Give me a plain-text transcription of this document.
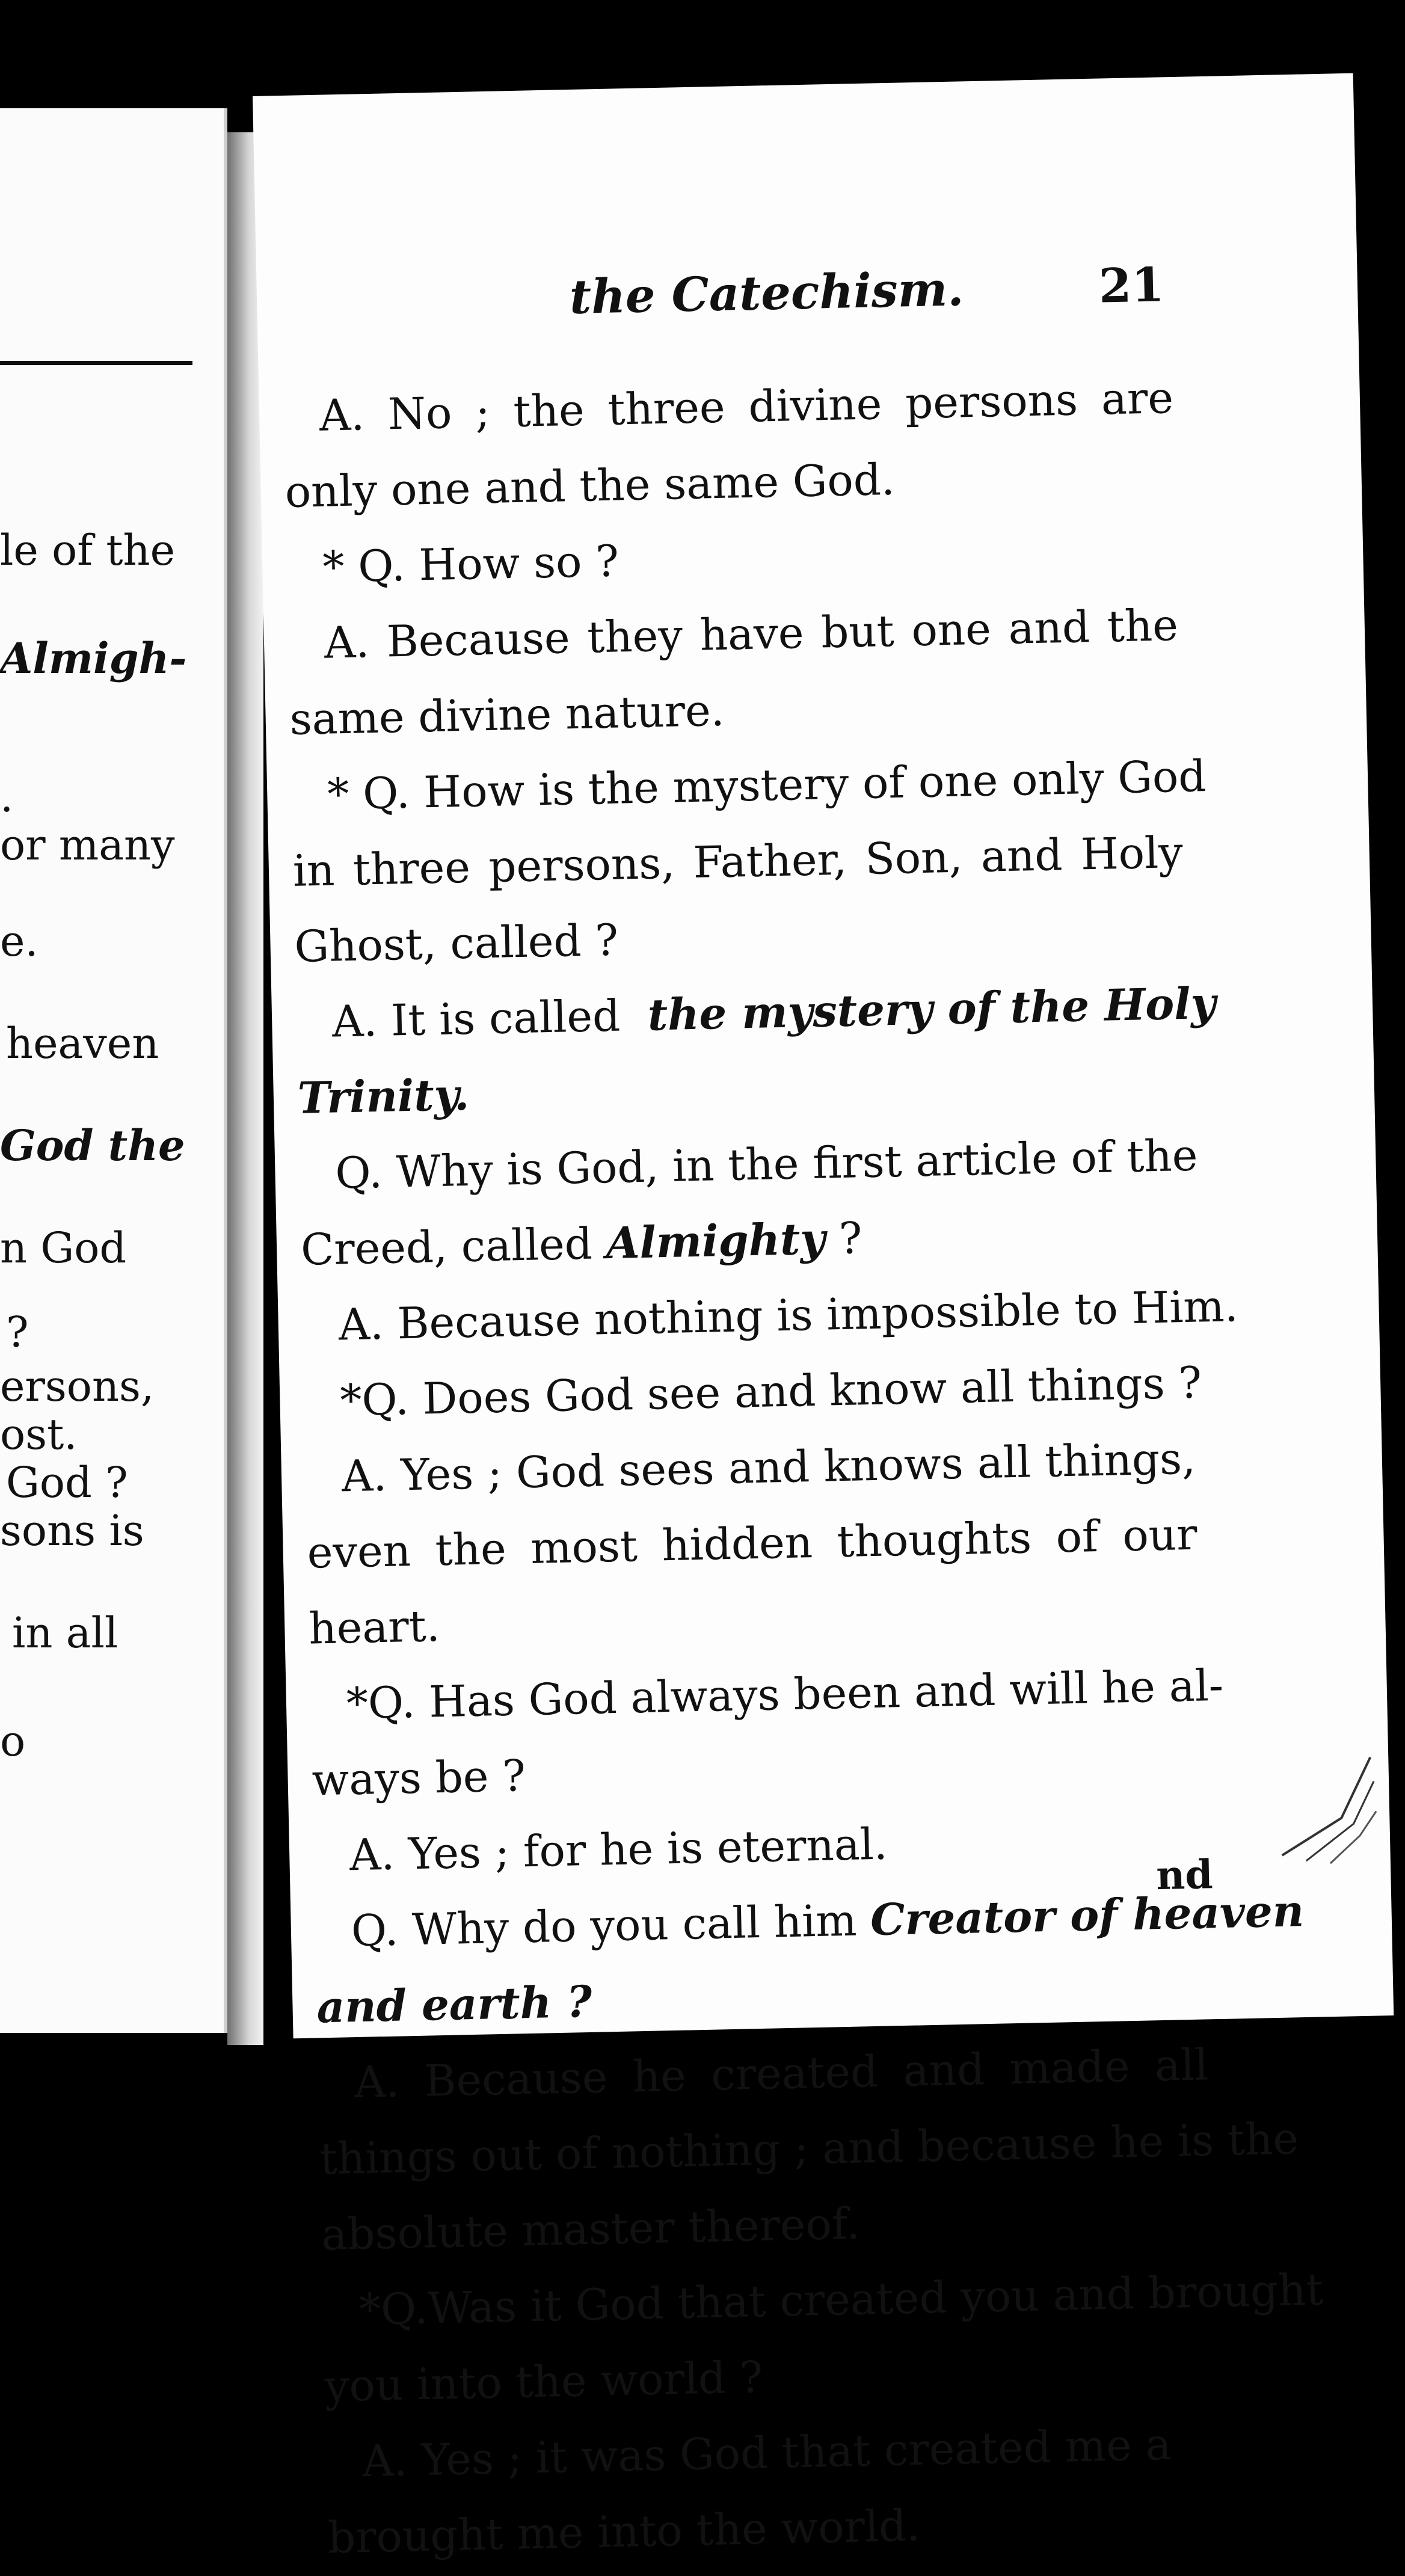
le of the
Almigh-
.
or many
e.
heaven
God the
n God
?
ersons,
ost.
God ?
sons is
in all
o
the Catechism.	21
A. No ; the three divine persons are
only one and the same God.
* Q. How so ?
A. Because they have but one and the
same divine nature.
* Q. How is the mystery of one only God
in three persons, Father, Son, and Holy
Ghost, called ?
A. It is called the mystery of the Holy
Trinity.
Q. Why is God, in the first article of the
Creed, called Almighty ?
A. Because nothing is impossible to Him.
*Q. Does God see and know all things ?
A. Yes ; God sees and knows all things,
even the most hidden thoughts of our
heart.
*Q. Has God always been and will he al-
ways be ?
A. Yes ; for he is eternal.
Q. Why do you call him Creator of heaven
and earth ?
A. Because he created and made all
things out of nothing ; and because he is the
absolute master thereof.
*Q.Was it God that created you and brought
you into the world ?
A. Yes ; it was God that created me a
brought me into the world.
nd
